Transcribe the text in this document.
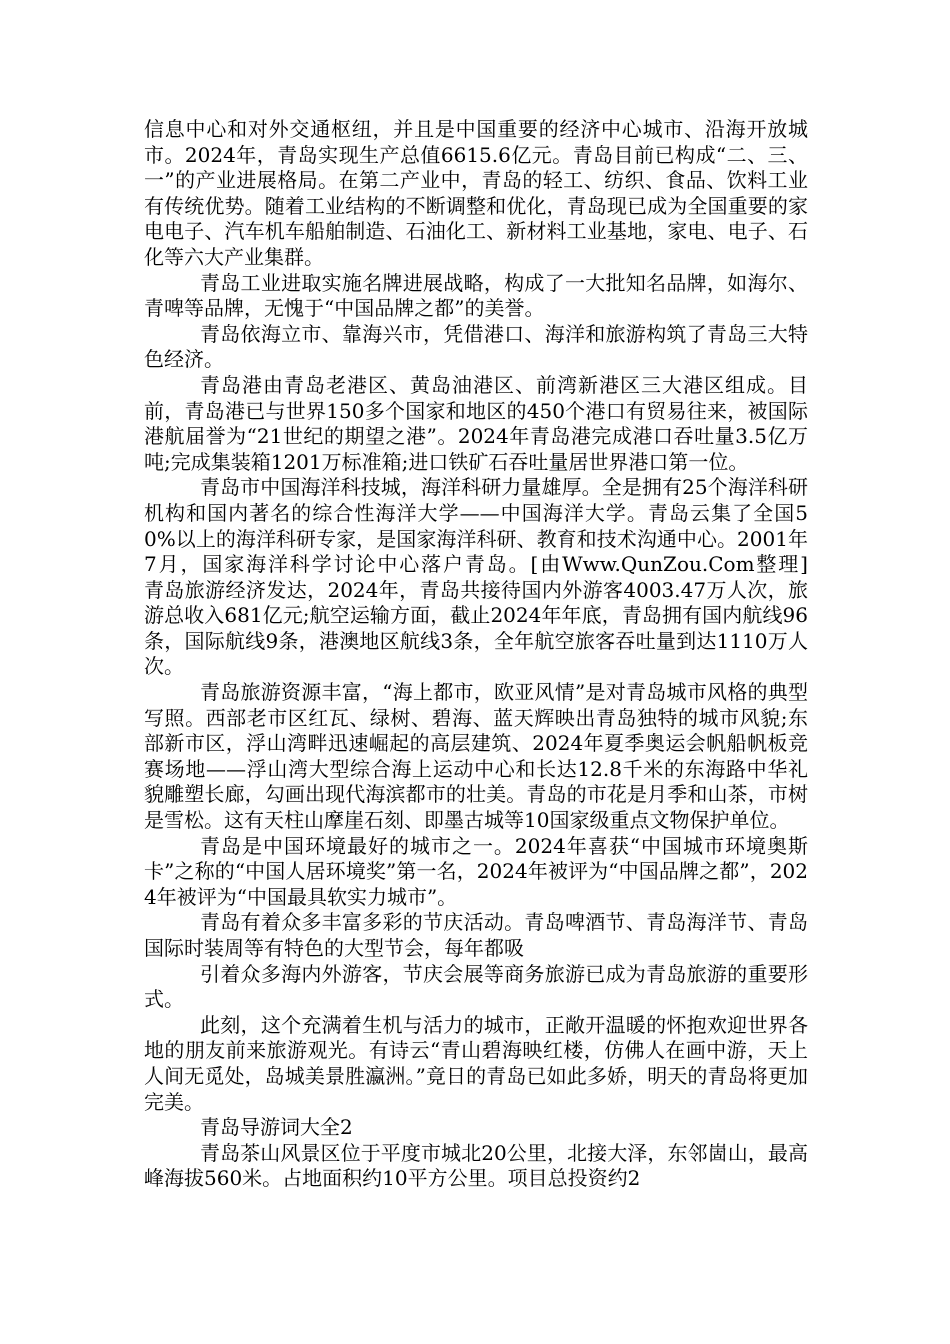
信息中心和对外交通枢纽，并且是中国重要的经济中心城市、沿海开放城市。2024年，青岛实现生产总值6615.6亿元。青岛目前已构成“二、三、一”的产业进展格局。在第二产业中，青岛的轻工、纺织、食品、饮料工业有传统优势。随着工业结构的不断调整和优化，青岛现已成为全国重要的家电电子、汽车机车船舶制造、石油化工、新材料工业基地，家电、电子、石化等六大产业集群。

青岛工业进取实施名牌进展战略，构成了一大批知名品牌，如海尔、青啤等品牌，无愧于“中国品牌之都”的美誉。

青岛依海立市、靠海兴市，凭借港口、海洋和旅游构筑了青岛三大特色经济。

青岛港由青岛老港区、黄岛油港区、前湾新港区三大港区组成。目前，青岛港已与世界150多个国家和地区的450个港口有贸易往来，被国际港航届誉为“21世纪的期望之港”。2024年青岛港完成港口吞吐量3.5亿万吨;完成集装箱1201万标准箱;进口铁矿石吞吐量居世界港口第一位。

青岛市中国海洋科技城，海洋科研力量雄厚。全是拥有25个海洋科研机构和国内著名的综合性海洋大学——中国海洋大学。青岛云集了全国50%以上的海洋科研专家，是国家海洋科研、教育和技术沟通中心。2001年7月，国家海洋科学讨论中心落户青岛。[由Www.QunZou.Com整理]　　青岛旅游经济发达，2024年，青岛共接待国内外游客4003.47万人次，旅游总收入681亿元;航空运输方面，截止2024年年底，青岛拥有国内航线96条，国际航线9条，港澳地区航线3条，全年航空旅客吞吐量到达1110万人次。

青岛旅游资源丰富，“海上都市，欧亚风情”是对青岛城市风格的典型写照。西部老市区红瓦、绿树、碧海、蓝天辉映出青岛独特的城市风貌;东部新市区，浮山湾畔迅速崛起的高层建筑、2024年夏季奥运会帆船帆板竞赛场地——浮山湾大型综合海上运动中心和长达12.8千米的东海路中华礼貌雕塑长廊，勾画出现代海滨都市的壮美。青岛的市花是月季和山茶，市树是雪松。这有天柱山摩崖石刻、即墨古城等10国家级重点文物保护单位。

青岛是中国环境最好的城市之一。2024年喜获“中国城市环境奥斯卡”之称的“中国人居环境奖”第一名，2024年被评为“中国品牌之都”，2024年被评为“中国最具软实力城市”。

青岛有着众多丰富多彩的节庆活动。青岛啤酒节、青岛海洋节、青岛国际时装周等有特色的大型节会，每年都吸

引着众多海内外游客，节庆会展等商务旅游已成为青岛旅游的重要形式。

此刻，这个充满着生机与活力的城市，正敞开温暖的怀抱欢迎世界各地的朋友前来旅游观光。有诗云“青山碧海映红楼，仿佛人在画中游，天上人间无觅处，岛城美景胜瀛洲。”竟日的青岛已如此多娇，明天的青岛将更加完美。

青岛导游词大全2

青岛茶山风景区位于平度市城北20公里，北接大泽，东邻崮山，最高峰海拔560米。占地面积约10平方公里。项目总投资约2
